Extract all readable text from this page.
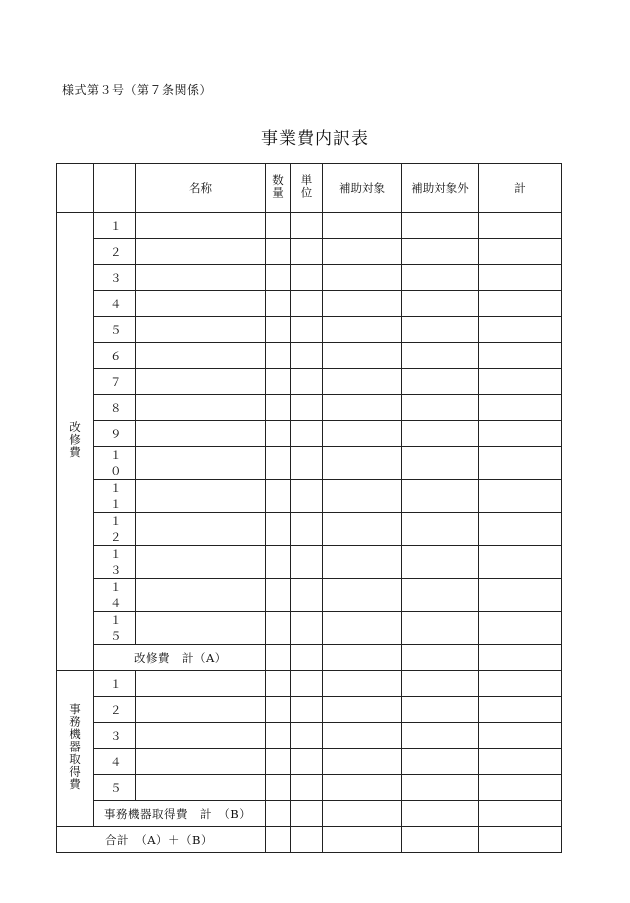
様式第３号（第７条関係）
事業費内訳表
		名称	数量	単位	補助対象	補助対象外	計
改修費	１						
	２						
	３						
	４						
	５						
	６						
	７						
	８						
	９						
	１０						
	１１						
	１２						
	１３						
	１４						
	１５						
	改修費　計（A）						
事務機器取得費	１						
	２						
	３						
	４						
	５						
	事務機器取得費　計　（B）						
合計　（A）＋（B）							
